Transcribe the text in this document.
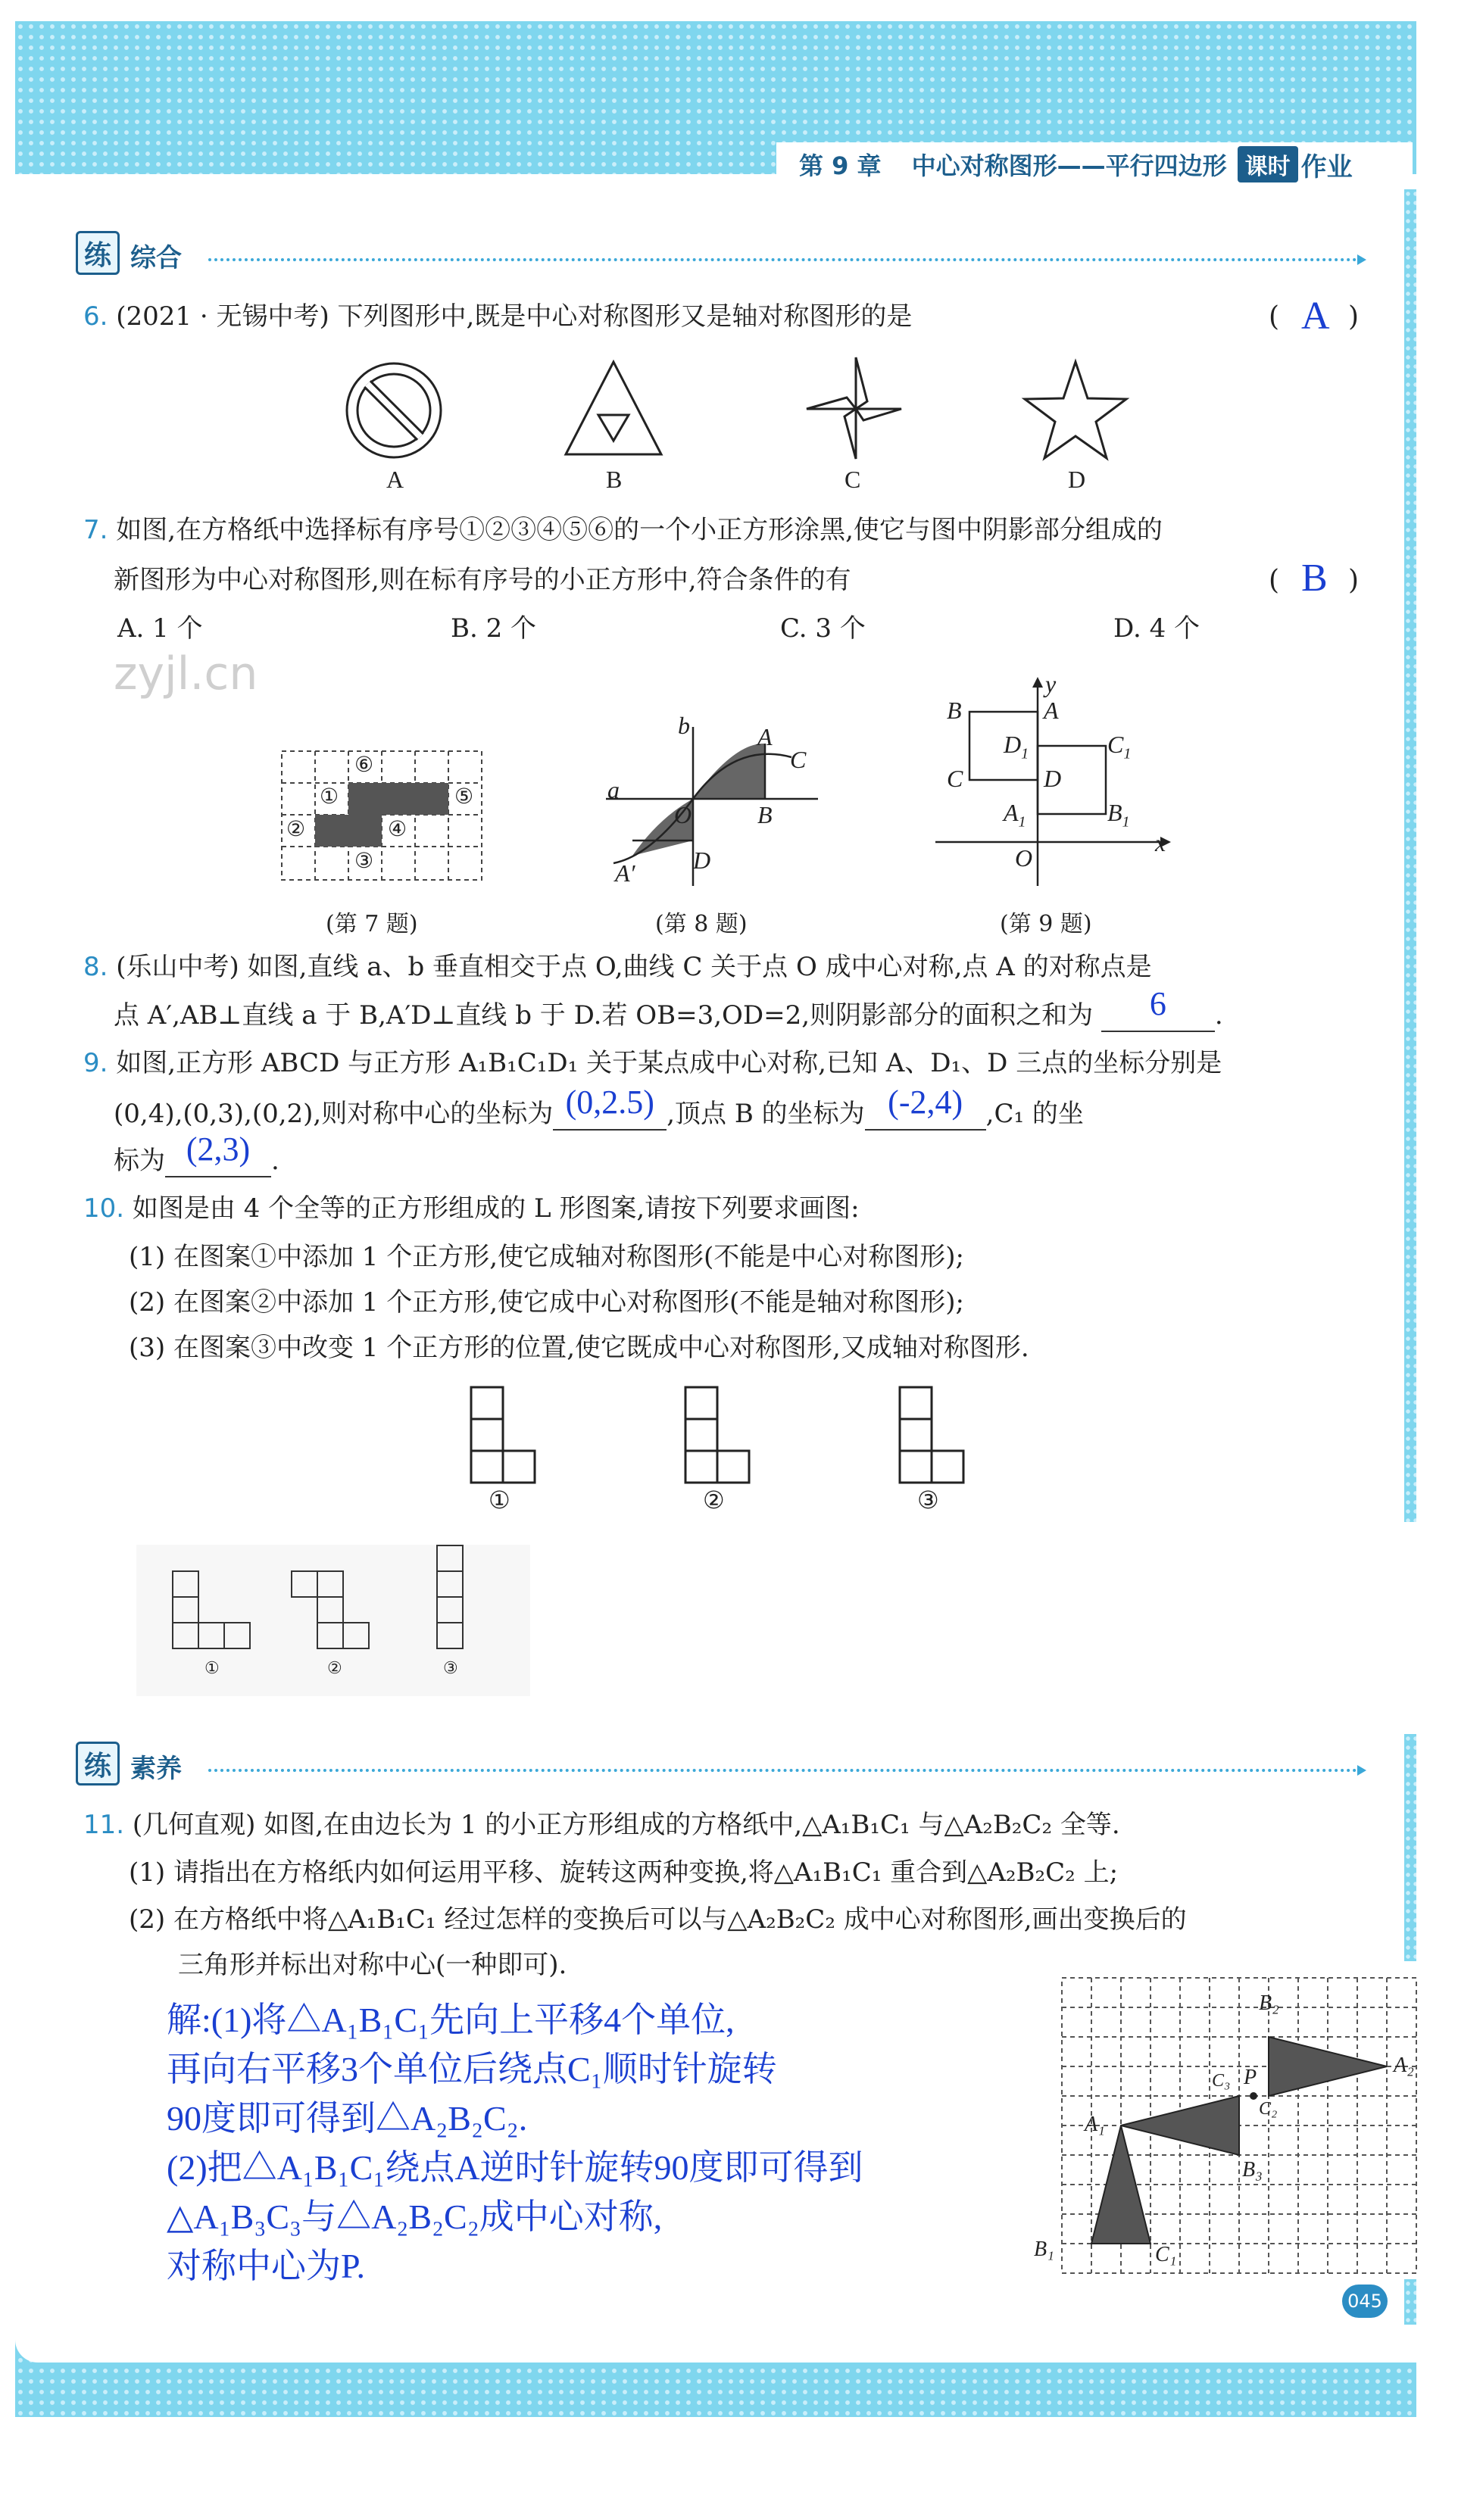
第 9 章 中心对称图形——平行四边形 课时 作业
zyjl.cn
练 综合
6. (2021 · 无锡中考) 下列图形中,既是中心对称图形又是轴对称图形的是	( A )
A	B	C	D
7. 如图,在方格纸中选择标有序号①②③④⑤⑥的一个小正方形涂黑,使它与图中阴影部分组成的
新图形为中心对称图形,则在标有序号的小正方形中,符合条件的有	( B )
A. 1 个	B. 2 个	C. 3 个	D. 4 个
⑥
①	⑤
②	④
③
b
a
A
C
O	B
A′ D
y
x
O
B	A
C	D
$D_1$	$C_1$
$A_1$	$B_1$
(第 7 题)	(第 8 题)	(第 9 题)
8. (乐山中考) 如图,直线 a、b 垂直相交于点 O,曲线 C 关于点 O 成中心对称,点 A 的对称点是
点 A′,AB⊥直线 a 于 B,A′D⊥直线 b 于 D.若 OB=3,OD=2,则阴影部分的面积之和为 6 .
9. 如图,正方形 ABCD 与正方形 A₁B₁C₁D₁ 关于某点成中心对称,已知 A、D₁、D 三点的坐标分别是
(0,4),(0,3),(0,2),则对称中心的坐标为 (0,2.5) ,顶点 B 的坐标为 (-2,4) ,C₁ 的坐
标为 (2,3) .
10. 如图是由 4 个全等的正方形组成的 L 形图案,请按下列要求画图:
(1) 在图案①中添加 1 个正方形,使它成轴对称图形(不能是中心对称图形);
(2) 在图案②中添加 1 个正方形,使它成中心对称图形(不能是轴对称图形);
(3) 在图案③中改变 1 个正方形的位置,使它既成中心对称图形,又成轴对称图形.
①	②	③
①	②	③
练 素养
11. (几何直观) 如图,在由边长为 1 的小正方形组成的方格纸中,△A₁B₁C₁ 与△A₂B₂C₂ 全等.
(1) 请指出在方格纸内如何运用平移、旋转这两种变换,将△A₁B₁C₁ 重合到△A₂B₂C₂ 上;
(2) 在方格纸中将△A₁B₁C₁ 经过怎样的变换后可以与△A₂B₂C₂ 成中心对称图形,画出变换后的
三角形并标出对称中心(一种即可).
解:(1)将△A₁B₁C₁先向上平移4个单位,
再向右平移3个单位后绕点C₁顺时针旋转
90度即可得到△A₂B₂C₂.
(2)把△A₁B₁C₁绕点A逆时针旋转90度即可得到
△A₁B₃C₃与△A₂B₂C₂成中心对称,
对称中心为P.
B₂
A₂
C₃ P
C₂
A₁
B₃
B₁	C₁
045
